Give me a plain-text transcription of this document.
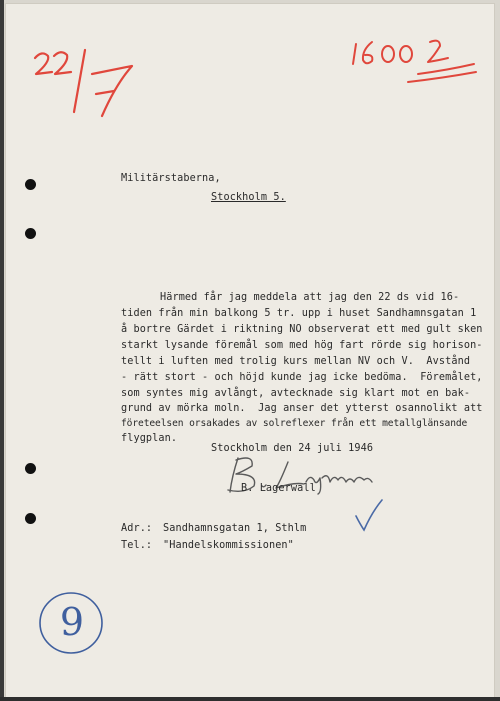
Militärstaberna,
Stockholm 5.
Härmed får jag meddela att jag den 22 ds vid 16-
tiden från min balkong 5 tr. upp i huset Sandhamnsgatan 1
å bortre Gärdet i riktning NO observerat ett med gult sken
starkt lysande föremål som med hög fart rörde sig horison-
tellt i luften med trolig kurs mellan NV och V.  Avstånd
- rätt stort - och höjd kunde jag icke bedöma.  Föremålet,
som syntes mig avlångt, avtecknade sig klart mot en bak-
grund av mörka moln.  Jag anser det ytterst osannolikt att
företeelsen orsakades av solreflexer från ett metallglänsande
flygplan.
Stockholm den 24 juli 1946
B. Lagerwall
Adr.: Sandhamnsgatan 1, Sthlm
Tel.: "Handelskommissionen"
9
